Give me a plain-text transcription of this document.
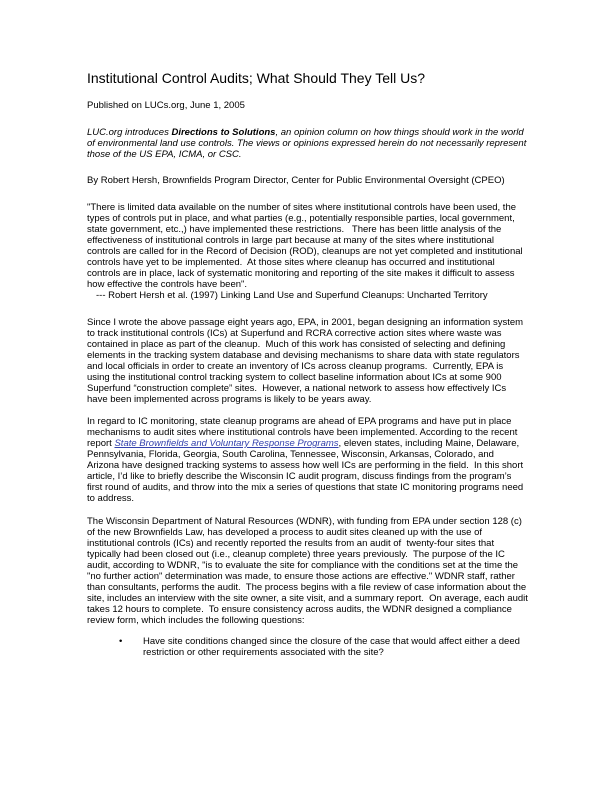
Institutional Control Audits; What Should They Tell Us?

Published on LUCs.org, June 1, 2005

LUC.org introduces Directions to Solutions, an opinion column on how things should work in the world of environmental land use controls. The views or opinions expressed herein do not necessarily represent those of the US EPA, ICMA, or CSC.

By Robert Hersh, Brownfields Program Director, Center for Public Environmental Oversight (CPEO)

"There is limited data available on the number of sites where institutional controls have been used, the types of controls put in place, and what parties (e.g., potentially responsible parties, local government, state government, etc.,) have implemented these restrictions.   There has been little analysis of the effectiveness of institutional controls in large part because at many of the sites where institutional controls are called for in the Record of Decision (ROD), cleanups are not yet completed and institutional controls have yet to be implemented.  At those sites where cleanup has occurred and institutional controls are in place, lack of systematic monitoring and reporting of the site makes it difficult to assess how effective the controls have been".

--- Robert Hersh et al. (1997) Linking Land Use and Superfund Cleanups: Uncharted Territory

Since I wrote the above passage eight years ago, EPA, in 2001, began designing an information system to track institutional controls (ICs) at Superfund and RCRA corrective action sites where waste was contained in place as part of the cleanup.  Much of this work has consisted of selecting and defining elements in the tracking system database and devising mechanisms to share data with state regulators and local officials in order to create an inventory of ICs across cleanup programs.  Currently, EPA is using the institutional control tracking system to collect baseline information about ICs at some 900 Superfund “construction complete” sites.  However, a national network to assess how effectively ICs have been implemented across programs is likely to be years away.

In regard to IC monitoring, state cleanup programs are ahead of EPA programs and have put in place mechanisms to audit sites where institutional controls have been implemented. According to the recent report State Brownfields and Voluntary Response Programs, eleven states, including Maine, Delaware, Pennsylvania, Florida, Georgia, South Carolina, Tennessee, Wisconsin, Arkansas, Colorado, and Arizona have designed tracking systems to assess how well ICs are performing in the field.  In this short article, I’d like to briefly describe the Wisconsin IC audit program, discuss findings from the program’s first round of audits, and throw into the mix a series of questions that state IC monitoring programs need to address.

The Wisconsin Department of Natural Resources (WDNR), with funding from EPA under section 128 (c) of the new Brownfields Law, has developed a process to audit sites cleaned up with the use of institutional controls (ICs) and recently reported the results from an audit of  twenty-four sites that typically had been closed out (i.e., cleanup complete) three years previously.  The purpose of the IC audit, according to WDNR, "is to evaluate the site for compliance with the conditions set at the time the "no further action" determination was made, to ensure those actions are effective." WDNR staff, rather than consultants, performs the audit.  The process begins with a file review of case information about the site, includes an interview with the site owner, a site visit, and a summary report.  On average, each audit takes 12 hours to complete.  To ensure consistency across audits, the WDNR designed a compliance review form, which includes the following questions:

•	Have site conditions changed since the closure of the case that would affect either a deed restriction or other requirements associated with the site?
